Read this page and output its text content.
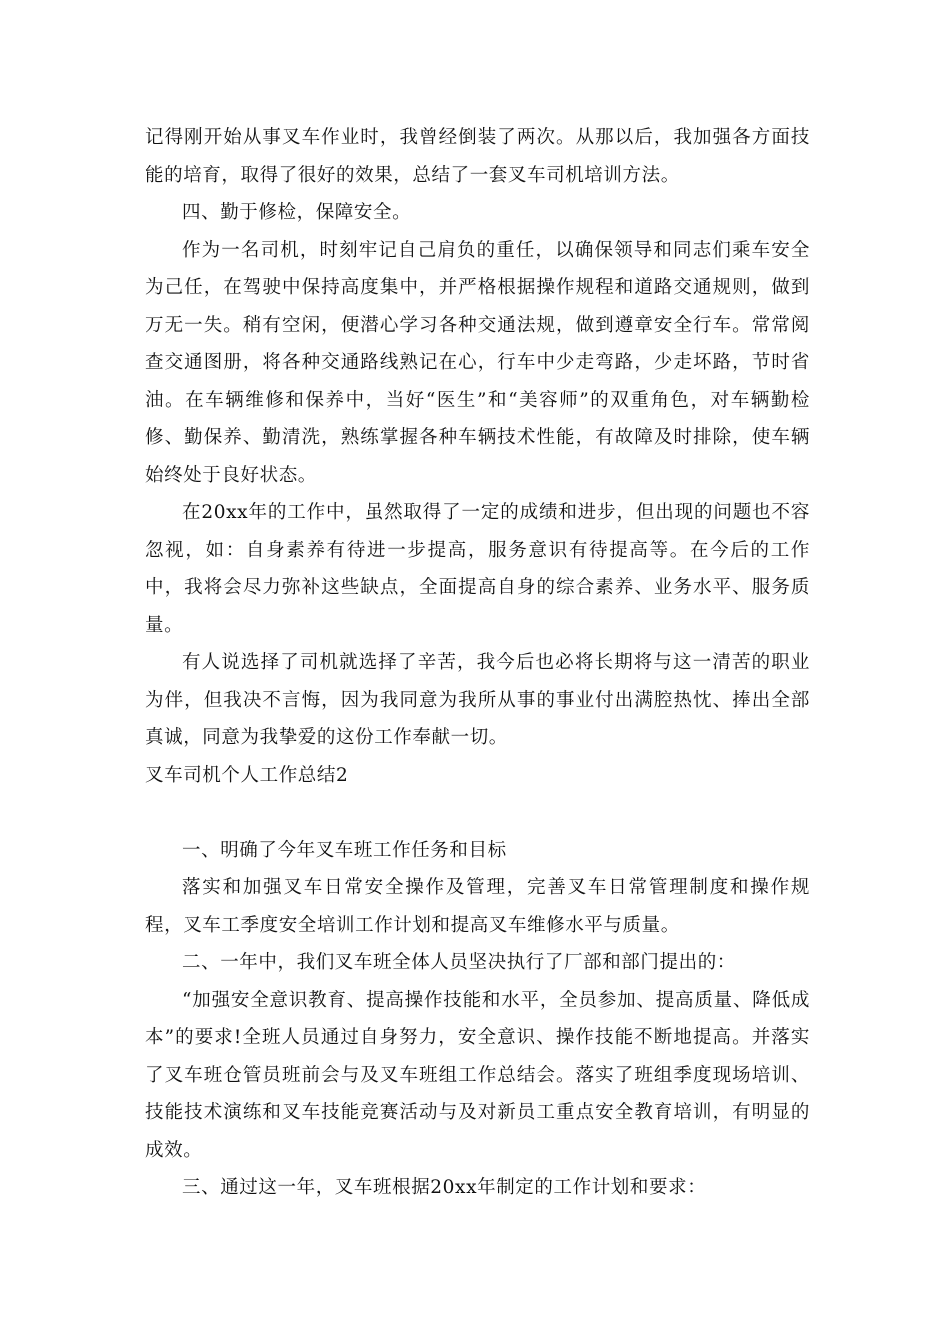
记得刚开始从事叉车作业时，我曾经倒装了两次。从那以后，我加强各方面技能的培育，取得了很好的效果，总结了一套叉车司机培训方法。

四、勤于修检，保障安全。

作为一名司机，时刻牢记自己肩负的重任，以确保领导和同志们乘车安全为己任，在驾驶中保持高度集中，并严格根据操作规程和道路交通规则，做到万无一失。稍有空闲，便潜心学习各种交通法规，做到遵章安全行车。常常阅查交通图册，将各种交通路线熟记在心，行车中少走弯路，少走坏路，节时省油。在车辆维修和保养中，当好“医生”和“美容师”的双重角色，对车辆勤检修、勤保养、勤清洗，熟练掌握各种车辆技术性能，有故障及时排除，使车辆始终处于良好状态。

在20xx年的工作中，虽然取得了一定的成绩和进步，但出现的问题也不容忽视，如：自身素养有待进一步提高，服务意识有待提高等。在今后的工作中，我将会尽力弥补这些缺点，全面提高自身的综合素养、业务水平、服务质量。

有人说选择了司机就选择了辛苦，我今后也必将长期将与这一清苦的职业为伴，但我决不言悔，因为我同意为我所从事的事业付出满腔热忱、捧出全部真诚，同意为我挚爱的这份工作奉献一切。

叉车司机个人工作总结2

一、明确了今年叉车班工作任务和目标

落实和加强叉车日常安全操作及管理，完善叉车日常管理制度和操作规程，叉车工季度安全培训工作计划和提高叉车维修水平与质量。

二、一年中，我们叉车班全体人员坚决执行了厂部和部门提出的：

“加强安全意识教育、提高操作技能和水平，全员参加、提高质量、降低成本”的要求!全班人员通过自身努力，安全意识、操作技能不断地提高。并落实了叉车班仓管员班前会与及叉车班组工作总结会。落实了班组季度现场培训、技能技术演练和叉车技能竞赛活动与及对新员工重点安全教育培训，有明显的成效。

三、通过这一年，叉车班根据20xx年制定的工作计划和要求：
